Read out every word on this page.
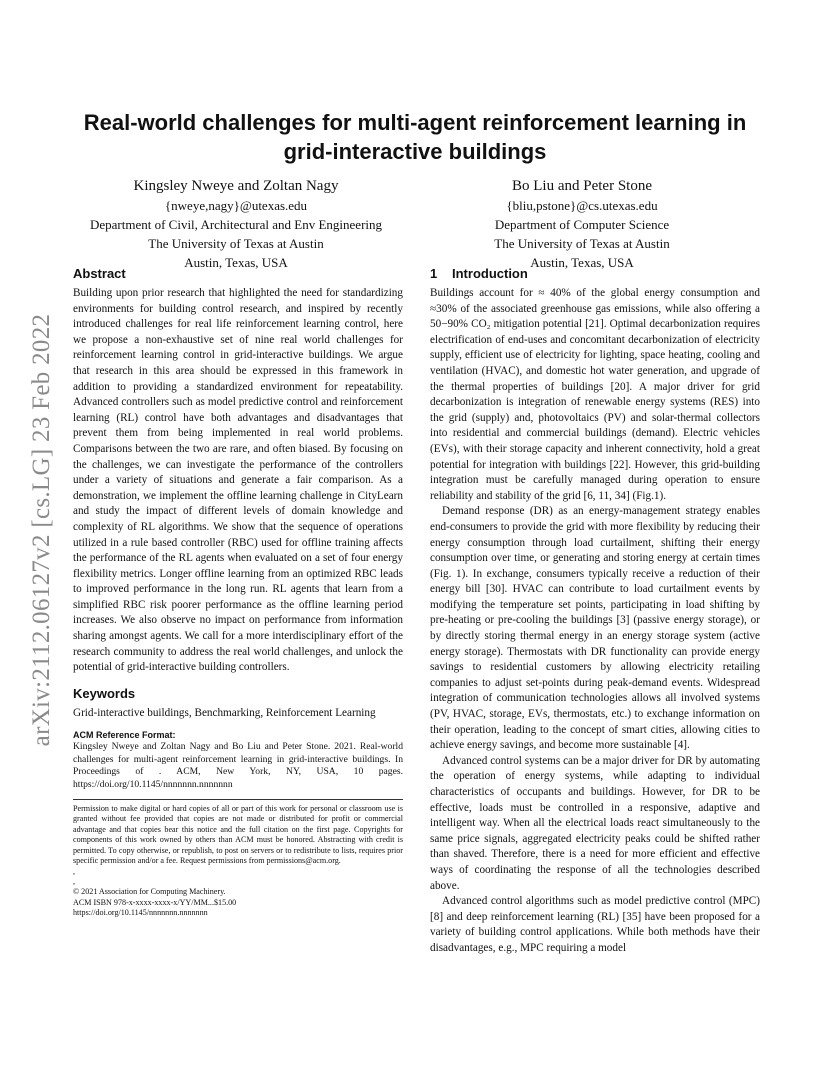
arXiv:2112.06127v2 [cs.LG] 23 Feb 2022
Real-world challenges for multi-agent reinforcement learning in grid-interactive buildings
Kingsley Nweye and Zoltan Nagy
{nweye,nagy}@utexas.edu
Department of Civil, Architectural and Env Engineering
The University of Texas at Austin
Austin, Texas, USA
Bo Liu and Peter Stone
{bliu,pstone}@cs.utexas.edu
Department of Computer Science
The University of Texas at Austin
Austin, Texas, USA
Abstract

Building upon prior research that highlighted the need for standardizing environments for building control research, and inspired by recently introduced challenges for real life reinforcement learning control, here we propose a non-exhaustive set of nine real world challenges for reinforcement learning control in grid-interactive buildings. We argue that research in this area should be expressed in this framework in addition to providing a standardized environment for repeatability. Advanced controllers such as model predictive control and reinforcement learning (RL) control have both advantages and disadvantages that prevent them from being implemented in real world problems. Comparisons between the two are rare, and often biased. By focusing on the challenges, we can investigate the performance of the controllers under a variety of situations and generate a fair comparison. As a demonstration, we implement the offline learning challenge in CityLearn and study the impact of different levels of domain knowledge and complexity of RL algorithms. We show that the sequence of operations utilized in a rule based controller (RBC) used for offline training affects the performance of the RL agents when evaluated on a set of four energy flexibility metrics. Longer offline learning from an optimized RBC leads to improved performance in the long run. RL agents that learn from a simplified RBC risk poorer performance as the offline learning period increases. We also observe no impact on performance from information sharing amongst agents. We call for a more interdisciplinary effort of the research community to address the real world challenges, and unlock the potential of grid-interactive building controllers.

Keywords

Grid-interactive buildings, Benchmarking, Reinforcement Learning

ACM Reference Format:
Kingsley Nweye and Zoltan Nagy and Bo Liu and Peter Stone. 2021. Real-world challenges for multi-agent reinforcement learning in grid-interactive buildings. In Proceedings of . ACM, New York, NY, USA, 10 pages. https://doi.org/10.1145/nnnnnnn.nnnnnnn
Permission to make digital or hard copies of all or part of this work for personal or classroom use is granted without fee provided that copies are not made or distributed for profit or commercial advantage and that copies bear this notice and the full citation on the first page. Copyrights for components of this work owned by others than ACM must be honored. Abstracting with credit is permitted. To copy otherwise, or republish, to post on servers or to redistribute to lists, requires prior specific permission and/or a fee. Request permissions from permissions@acm.org.
,
,
© 2021 Association for Computing Machinery.
ACM ISBN 978-x-xxxx-xxxx-x/YY/MM...$15.00
https://doi.org/10.1145/nnnnnnn.nnnnnnn
1 Introduction

Buildings account for ≈ 40% of the global energy consumption and ≈30% of the associated greenhouse gas emissions, while also offering a 50−90% CO₂ mitigation potential [21]. Optimal decarbonization requires electrification of end-uses and concomitant decarbonization of electricity supply, efficient use of electricity for lighting, space heating, cooling and ventilation (HVAC), and domestic hot water generation, and upgrade of the thermal properties of buildings [20]. A major driver for grid decarbonization is integration of renewable energy systems (RES) into the grid (supply) and, photovoltaics (PV) and solar-thermal collectors into residential and commercial buildings (demand). Electric vehicles (EVs), with their storage capacity and inherent connectivity, hold a great potential for integration with buildings [22]. However, this grid-building integration must be carefully managed during operation to ensure reliability and stability of the grid [6, 11, 34] (Fig.1).

Demand response (DR) as an energy-management strategy enables end-consumers to provide the grid with more flexibility by reducing their energy consumption through load curtailment, shifting their energy consumption over time, or generating and storing energy at certain times (Fig. 1). In exchange, consumers typically receive a reduction of their energy bill [30]. HVAC can contribute to load curtailment events by modifying the temperature set points, participating in load shifting by pre-heating or pre-cooling the buildings [3] (passive energy storage), or by directly storing thermal energy in an energy storage system (active energy storage). Thermostats with DR functionality can provide energy savings to residential customers by allowing electricity retailing companies to adjust set-points during peak-demand events. Widespread integration of communication technologies allows all involved systems (PV, HVAC, storage, EVs, thermostats, etc.) to exchange information on their operation, leading to the concept of smart cities, allowing cities to achieve energy savings, and become more sustainable [4].

Advanced control systems can be a major driver for DR by automating the operation of energy systems, while adapting to individual characteristics of occupants and buildings. However, for DR to be effective, loads must be controlled in a responsive, adaptive and intelligent way. When all the electrical loads react simultaneously to the same price signals, aggregated electricity peaks could be shifted rather than shaved. Therefore, there is a need for more efficient and effective ways of coordinating the response of all the technologies described above.

Advanced control algorithms such as model predictive control (MPC) [8] and deep reinforcement learning (RL) [35] have been proposed for a variety of building control applications. While both methods have their disadvantages, e.g., MPC requiring a model
